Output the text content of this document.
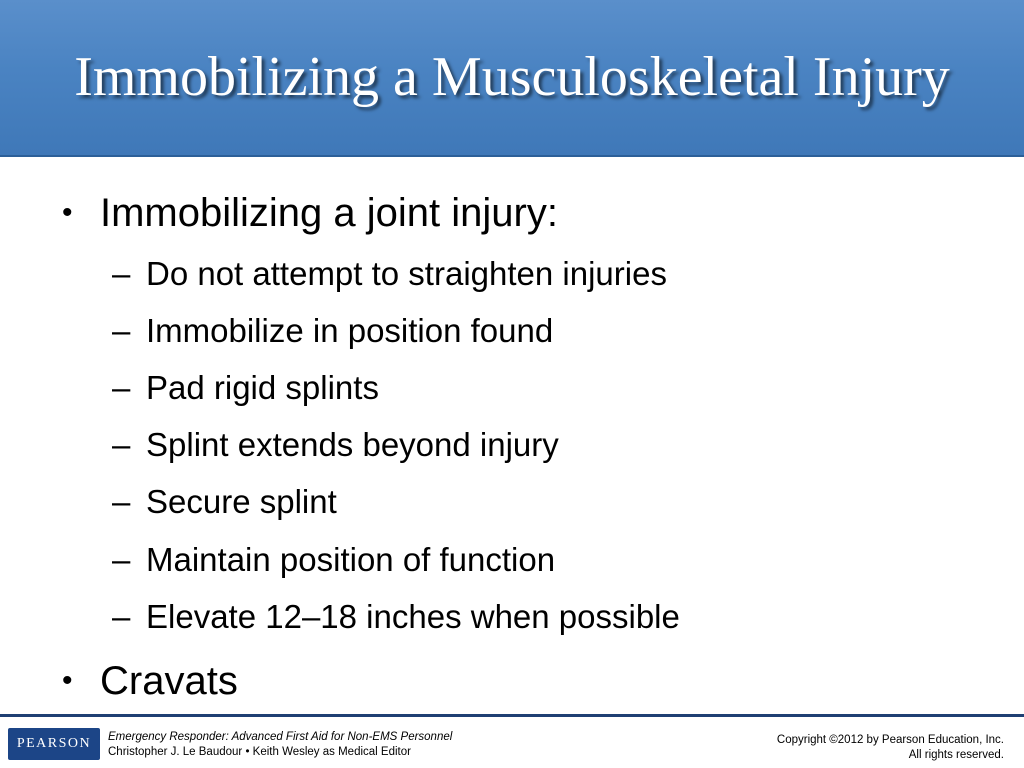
Immobilizing a Musculoskeletal Injury
• Immobilizing a joint injury:
– Do not attempt to straighten injuries
– Immobilize in position found
– Pad rigid splints
– Splint extends beyond injury
– Secure splint
– Maintain position of function
– Elevate 12–18 inches when possible
• Cravats
PEARSON Emergency Responder: Advanced First Aid for Non-EMS Personnel
Christopher J. Le Baudour • Keith Wesley as Medical Editor
Copyright ©2012 by Pearson Education, Inc.
All rights reserved.
